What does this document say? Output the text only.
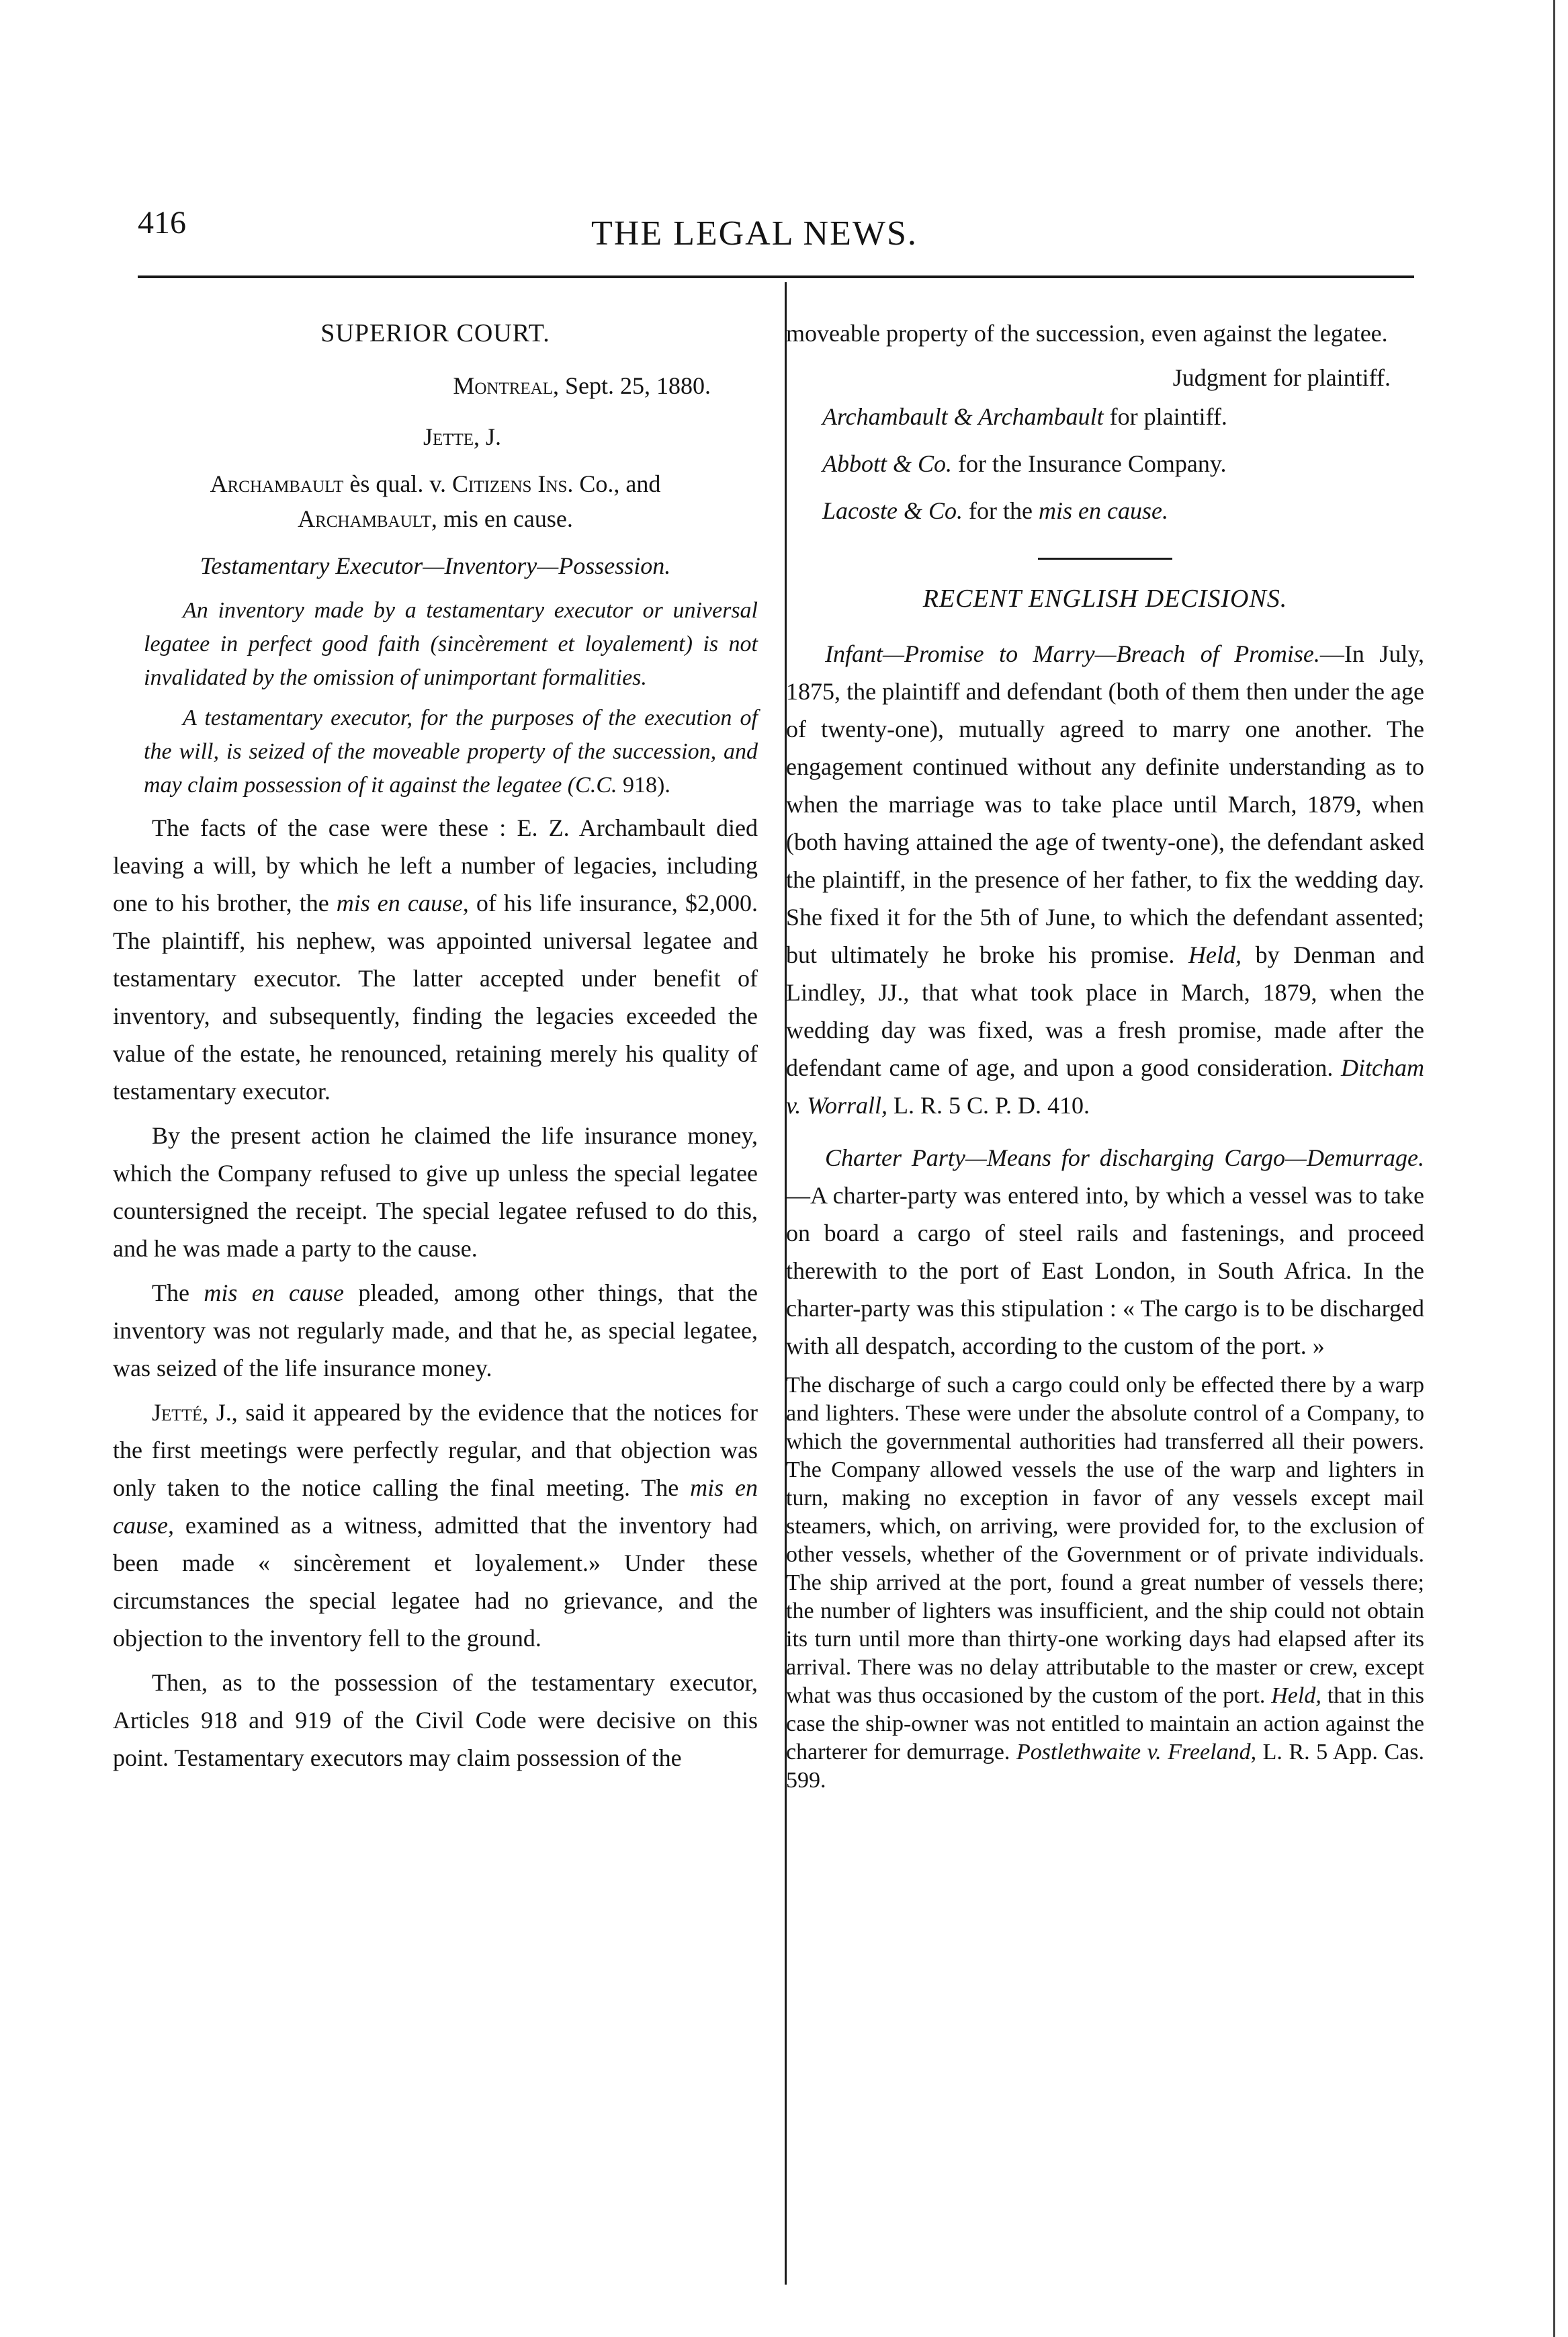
416	THE LEGAL NEWS.
SUPERIOR COURT.
Montreal, Sept. 25, 1880.
Jette, J.
Archambault ès qual. v. Citizens Ins. Co., and
Archambault, mis en cause.
Testamentary Executor—Inventory—Possession.

An inventory made by a testamentary executor or universal legatee in perfect good faith (sincèrement et loyalement) is not invalidated by the omission of unimportant formalities.

A testamentary executor, for the purposes of the execution of the will, is seized of the moveable property of the succession, and may claim possession of it against the legatee (C.C. 918).

The facts of the case were these : E. Z. Archambault died leaving a will, by which he left a number of legacies, including one to his brother, the mis en cause, of his life insurance, $2,000. The plaintiff, his nephew, was appointed universal legatee and testamentary executor. The latter accepted under benefit of inventory, and subsequently, finding the legacies exceeded the value of the estate, he renounced, retaining merely his quality of testamentary executor.

By the present action he claimed the life insurance money, which the Company refused to give up unless the special legatee countersigned the receipt. The special legatee refused to do this, and he was made a party to the cause.

The mis en cause pleaded, among other things, that the inventory was not regularly made, and that he, as special legatee, was seized of the life insurance money.

Jetté, J., said it appeared by the evidence that the notices for the first meetings were perfectly regular, and that objection was only taken to the notice calling the final meeting. The mis en cause, examined as a witness, admitted that the inventory had been made « sincèrement et loyalement.» Under these circumstances the special legatee had no grievance, and the objection to the inventory fell to the ground.

Then, as to the possession of the testamentary executor, Articles 918 and 919 of the Civil Code were decisive on this point. Testamentary executors may claim possession of the

moveable property of the succession, even against the legatee.

Judgment for plaintiff.

Archambault & Archambault for plaintiff.

Abbott & Co. for the Insurance Company.

Lacoste & Co. for the mis en cause.

RECENT ENGLISH DECISIONS.

Infant—Promise to Marry—Breach of Promise.—In July, 1875, the plaintiff and defendant (both of them then under the age of twenty-one), mutually agreed to marry one another. The engagement continued without any definite understanding as to when the marriage was to take place until March, 1879, when (both having attained the age of twenty-one), the defendant asked the plaintiff, in the presence of her father, to fix the wedding day. She fixed it for the 5th of June, to which the defendant assented; but ultimately he broke his promise. Held, by Denman and Lindley, JJ., that what took place in March, 1879, when the wedding day was fixed, was a fresh promise, made after the defendant came of age, and upon a good consideration. Ditcham v. Worrall, L. R. 5 C. P. D. 410.

Charter Party—Means for discharging Cargo—Demurrage.—A charter-party was entered into, by which a vessel was to take on board a cargo of steel rails and fastenings, and proceed therewith to the port of East London, in South Africa. In the charter-party was this stipulation : « The cargo is to be discharged with all despatch, according to the custom of the port. »

The discharge of such a cargo could only be effected there by a warp and lighters. These were under the absolute control of a Company, to which the governmental authorities had transferred all their powers. The Company allowed vessels the use of the warp and lighters in turn, making no exception in favor of any vessels except mail steamers, which, on arriving, were provided for, to the exclusion of other vessels, whether of the Government or of private individuals. The ship arrived at the port, found a great number of vessels there; the number of lighters was insufficient, and the ship could not obtain its turn until more than thirty-one working days had elapsed after its arrival. There was no delay attributable to the master or crew, except what was thus occasioned by the custom of the port. Held, that in this case the ship-owner was not entitled to maintain an action against the charterer for demurrage. Postlethwaite v. Freeland, L. R. 5 App. Cas. 599.
